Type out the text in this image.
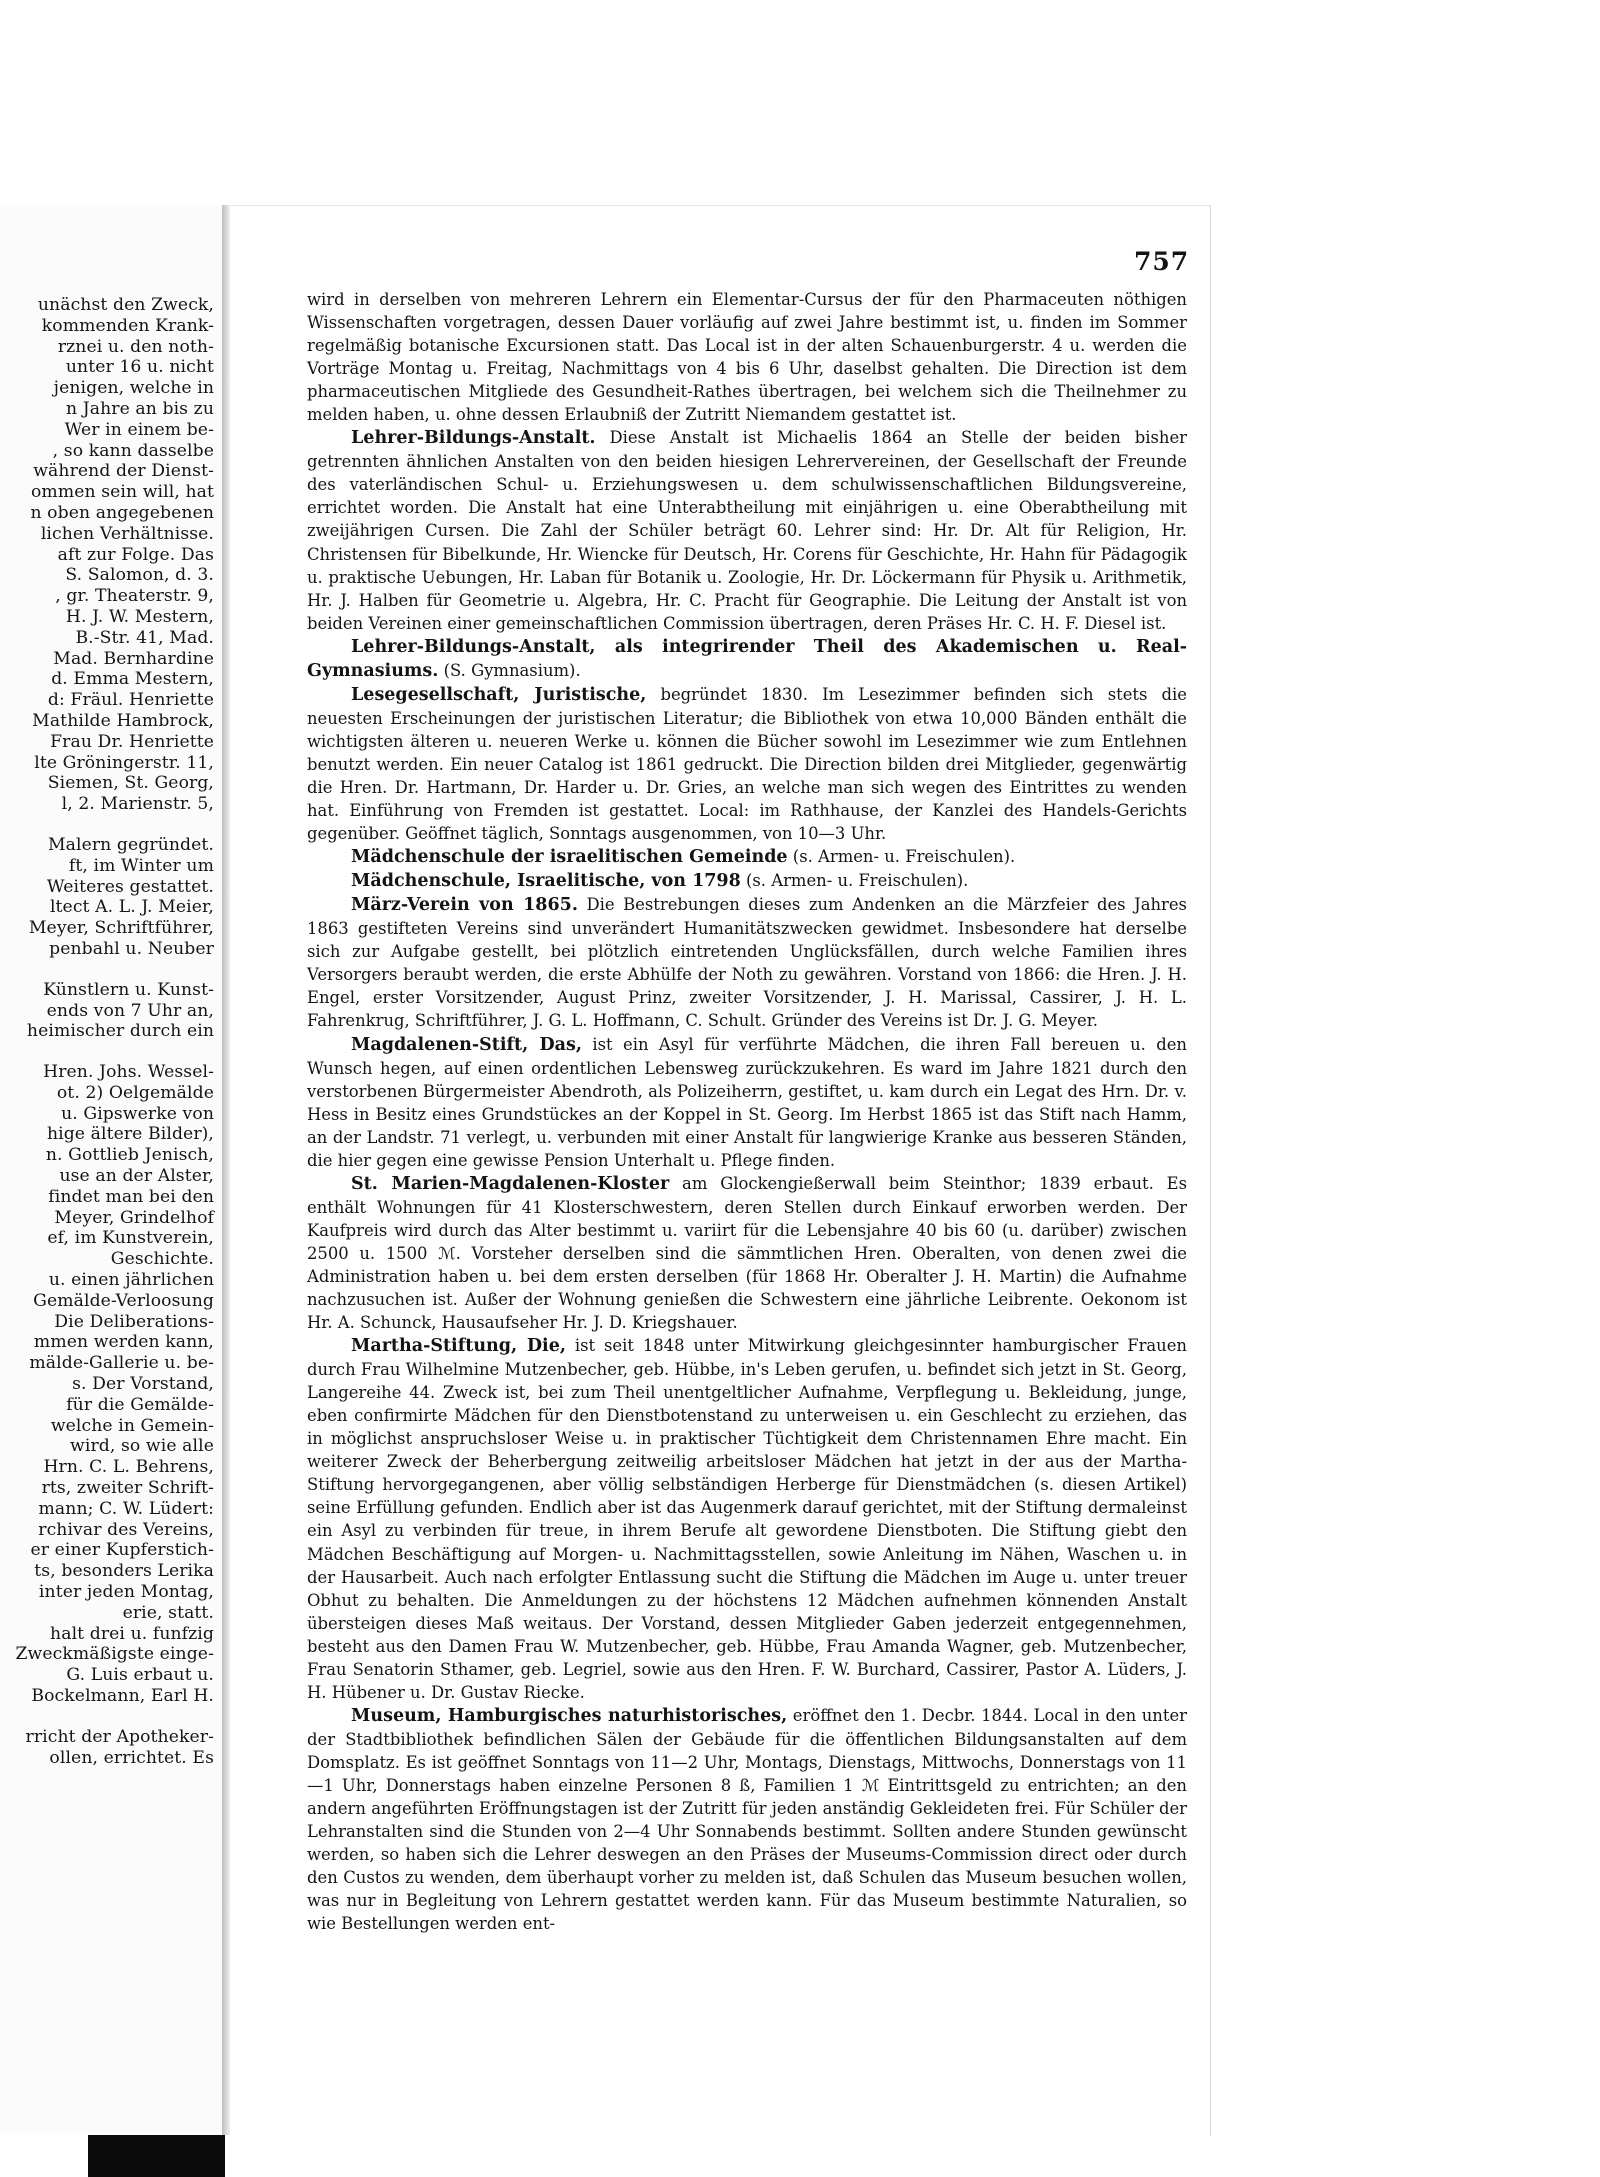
unächst den Zweck,
kommenden Krank-
rznei u. den noth-
unter 16 u. nicht
jenigen, welche in
n Jahre an bis zu
Wer in einem be-
, so kann dasselbe
während der Dienst-
ommen sein will, hat
n oben angegebenen
lichen Verhältnisse.
aft zur Folge. Das
S. Salomon, d. 3.
, gr. Theaterstr. 9,
H. J. W. Mestern,
B.-Str. 41, Mad.
Mad. Bernhardine
d. Emma Mestern,
d: Fräul. Henriette
Mathilde Hambrock,
Frau Dr. Henriette
lte Gröningerstr. 11,
Siemen, St. Georg,
l, 2. Marienstr. 5,
Malern gegründet.
ft, im Winter um
Weiteres gestattet.
ltect A. L. J. Meier,
Meyer, Schriftführer,
penbahl u. Neuber
Künstlern u. Kunst-
ends von 7 Uhr an,
heimischer durch ein
Hren. Johs. Wessel-
ot. 2) Oelgemälde
u. Gipswerke von
hige ältere Bilder),
n. Gottlieb Jenisch,
use an der Alster,
findet man bei den
Meyer, Grindelhof
ef, im Kunstverein,
Geschichte.
u. einen jährlichen
Gemälde-Verloosung
Die Deliberations-
mmen werden kann,
mälde-Gallerie u. be-
s. Der Vorstand,
für die Gemälde-
welche in Gemein-
wird, so wie alle
Hrn. C. L. Behrens,
rts, zweiter Schrift-
mann; C. W. Lüdert:
rchivar des Vereins,
er einer Kupferstich-
ts, besonders Lerika
inter jeden Montag,
erie, statt.
halt drei u. funfzig
Zweckmäßigste einge-
G. Luis erbaut u.
Bockelmann, Earl H.
rricht der Apotheker-
ollen, errichtet. Es
757

wird in derselben von mehreren Lehrern ein Elementar-Cursus der für den Pharmaceuten nöthigen Wissenschaften vorgetragen, dessen Dauer vorläufig auf zwei Jahre bestimmt ist, u. finden im Sommer regelmäßig botanische Excursionen statt. Das Local ist in der alten Schauenburgerstr. 4 u. werden die Vorträge Montag u. Freitag, Nachmittags von 4 bis 6 Uhr, daselbst gehalten. Die Direction ist dem pharmaceutischen Mitgliede des Gesundheit-Rathes übertragen, bei welchem sich die Theilnehmer zu melden haben, u. ohne dessen Erlaubniß der Zutritt Niemandem gestattet ist.

Lehrer-Bildungs-Anstalt. Diese Anstalt ist Michaelis 1864 an Stelle der beiden bisher getrennten ähnlichen Anstalten von den beiden hiesigen Lehrervereinen, der Gesellschaft der Freunde des vaterländischen Schul- u. Erziehungswesen u. dem schulwissenschaftlichen Bildungsvereine, errichtet worden. Die Anstalt hat eine Unterabtheilung mit einjährigen u. eine Oberabtheilung mit zweijährigen Cursen. Die Zahl der Schüler beträgt 60. Lehrer sind: Hr. Dr. Alt für Religion, Hr. Christensen für Bibelkunde, Hr. Wiencke für Deutsch, Hr. Corens für Geschichte, Hr. Hahn für Pädagogik u. praktische Uebungen, Hr. Laban für Botanik u. Zoologie, Hr. Dr. Löckermann für Physik u. Arithmetik, Hr. J. Halben für Geometrie u. Algebra, Hr. C. Pracht für Geographie. Die Leitung der Anstalt ist von beiden Vereinen einer gemeinschaftlichen Commission übertragen, deren Präses Hr. C. H. F. Diesel ist.

Lehrer-Bildungs-Anstalt, als integrirender Theil des Akademischen u. Real-Gymnasiums. (S. Gymnasium).

Lesegesellschaft, Juristische, begründet 1830. Im Lesezimmer befinden sich stets die neuesten Erscheinungen der juristischen Literatur; die Bibliothek von etwa 10,000 Bänden enthält die wichtigsten älteren u. neueren Werke u. können die Bücher sowohl im Lesezimmer wie zum Entlehnen benutzt werden. Ein neuer Catalog ist 1861 gedruckt. Die Direction bilden drei Mitglieder, gegenwärtig die Hren. Dr. Hartmann, Dr. Harder u. Dr. Gries, an welche man sich wegen des Eintrittes zu wenden hat. Einführung von Fremden ist gestattet. Local: im Rathhause, der Kanzlei des Handels-Gerichts gegenüber. Geöffnet täglich, Sonntags ausgenommen, von 10—3 Uhr.

Mädchenschule der israelitischen Gemeinde (s. Armen- u. Freischulen).

Mädchenschule, Israelitische, von 1798 (s. Armen- u. Freischulen).

März-Verein von 1865. Die Bestrebungen dieses zum Andenken an die Märzfeier des Jahres 1863 gestifteten Vereins sind unverändert Humanitätszwecken gewidmet. Insbesondere hat derselbe sich zur Aufgabe gestellt, bei plötzlich eintretenden Unglücksfällen, durch welche Familien ihres Versorgers beraubt werden, die erste Abhülfe der Noth zu gewähren. Vorstand von 1866: die Hren. J. H. Engel, erster Vorsitzender, August Prinz, zweiter Vorsitzender, J. H. Marissal, Cassirer, J. H. L. Fahrenkrug, Schriftführer, J. G. L. Hoffmann, C. Schult. Gründer des Vereins ist Dr. J. G. Meyer.

Magdalenen-Stift, Das, ist ein Asyl für verführte Mädchen, die ihren Fall bereuen u. den Wunsch hegen, auf einen ordentlichen Lebensweg zurückzukehren. Es ward im Jahre 1821 durch den verstorbenen Bürgermeister Abendroth, als Polizeiherrn, gestiftet, u. kam durch ein Legat des Hrn. Dr. v. Hess in Besitz eines Grundstückes an der Koppel in St. Georg. Im Herbst 1865 ist das Stift nach Hamm, an der Landstr. 71 verlegt, u. verbunden mit einer Anstalt für langwierige Kranke aus besseren Ständen, die hier gegen eine gewisse Pension Unterhalt u. Pflege finden.

St. Marien-Magdalenen-Kloster am Glockengießerwall beim Steinthor; 1839 erbaut. Es enthält Wohnungen für 41 Klosterschwestern, deren Stellen durch Einkauf erworben werden. Der Kaufpreis wird durch das Alter bestimmt u. variirt für die Lebensjahre 40 bis 60 (u. darüber) zwischen 2500 u. 1500 ℳ. Vorsteher derselben sind die sämmtlichen Hren. Oberalten, von denen zwei die Administration haben u. bei dem ersten derselben (für 1868 Hr. Oberalter J. H. Martin) die Aufnahme nachzusuchen ist. Außer der Wohnung genießen die Schwestern eine jährliche Leibrente. Oekonom ist Hr. A. Schunck, Hausaufseher Hr. J. D. Kriegshauer.

Martha-Stiftung, Die, ist seit 1848 unter Mitwirkung gleichgesinnter hamburgischer Frauen durch Frau Wilhelmine Mutzenbecher, geb. Hübbe, in's Leben gerufen, u. befindet sich jetzt in St. Georg, Langereihe 44. Zweck ist, bei zum Theil unentgeltlicher Aufnahme, Verpflegung u. Bekleidung, junge, eben confirmirte Mädchen für den Dienstbotenstand zu unterweisen u. ein Geschlecht zu erziehen, das in möglichst anspruchsloser Weise u. in praktischer Tüchtigkeit dem Christennamen Ehre macht. Ein weiterer Zweck der Beherbergung zeitweilig arbeitsloser Mädchen hat jetzt in der aus der Martha-Stiftung hervorgegangenen, aber völlig selbständigen Herberge für Dienstmädchen (s. diesen Artikel) seine Erfüllung gefunden. Endlich aber ist das Augenmerk darauf gerichtet, mit der Stiftung dermaleinst ein Asyl zu verbinden für treue, in ihrem Berufe alt gewordene Dienstboten. Die Stiftung giebt den Mädchen Beschäftigung auf Morgen- u. Nachmittagsstellen, sowie Anleitung im Nähen, Waschen u. in der Hausarbeit. Auch nach erfolgter Entlassung sucht die Stiftung die Mädchen im Auge u. unter treuer Obhut zu behalten. Die Anmeldungen zu der höchstens 12 Mädchen aufnehmen könnenden Anstalt übersteigen dieses Maß weitaus. Der Vorstand, dessen Mitglieder Gaben jederzeit entgegennehmen, besteht aus den Damen Frau W. Mutzenbecher, geb. Hübbe, Frau Amanda Wagner, geb. Mutzenbecher, Frau Senatorin Sthamer, geb. Legriel, sowie aus den Hren. F. W. Burchard, Cassirer, Pastor A. Lüders, J. H. Hübener u. Dr. Gustav Riecke.

Museum, Hamburgisches naturhistorisches, eröffnet den 1. Decbr. 1844. Local in den unter der Stadtbibliothek befindlichen Sälen der Gebäude für die öffentlichen Bildungsanstalten auf dem Domsplatz. Es ist geöffnet Sonntags von 11—2 Uhr, Montags, Dienstags, Mittwochs, Donnerstags von 11—1 Uhr, Donnerstags haben einzelne Personen 8 ß, Familien 1 ℳ Eintrittsgeld zu entrichten; an den andern angeführten Eröffnungstagen ist der Zutritt für jeden anständig Gekleideten frei. Für Schüler der Lehranstalten sind die Stunden von 2—4 Uhr Sonnabends bestimmt. Sollten andere Stunden gewünscht werden, so haben sich die Lehrer deswegen an den Präses der Museums-Commission direct oder durch den Custos zu wenden, dem überhaupt vorher zu melden ist, daß Schulen das Museum besuchen wollen, was nur in Begleitung von Lehrern gestattet werden kann. Für das Museum bestimmte Naturalien, so wie Bestellungen werden ent-
